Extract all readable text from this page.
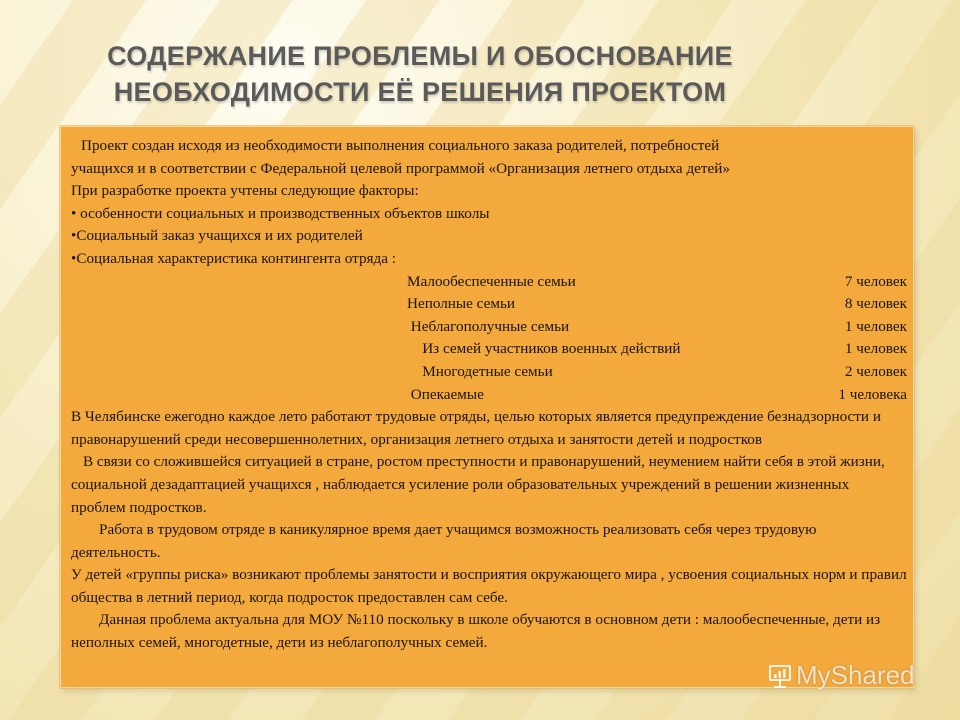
СОДЕРЖАНИЕ ПРОБЛЕМЫ И ОБОСНОВАНИЕ
НЕОБХОДИМОСТИ ЕЁ РЕШЕНИЯ ПРОЕКТОМ

Проект создан исходя из необходимости выполнения социального заказа родителей, потребностей

учащихся и в соответствии с Федеральной целевой программой «Организация летнего отдыха детей»

При разработке проекта учтены следующие факторы:

• особенности социальных и производственных объектов школы

•Социальный заказ учащихся и их родителей

•Социальная характеристика контингента отряда :

Малообеспеченные семьи	7 человек
Неполные семьи	8 человек
Неблагополучные семьи	1 человек
Из семей участников военных действий	1 человек
Многодетные семьи	2 человек
Опекаемые	1 человека

В Челябинске ежегодно каждое лето работают трудовые отряды, целью которых является предупреждение безнадзорности и правонарушений среди несовершеннолетних, организация летнего отдыха и занятости детей и подростков

В связи со сложившейся ситуацией в стране, ростом преступности и правонарушений, неумением найти себя в этой жизни, социальной дезадаптацией учащихся , наблюдается усиление роли образовательных учреждений в решении жизненных проблем подростков.

Работа в трудовом отряде в каникулярное время дает учащимся возможность реализовать себя через трудовую деятельность.

У детей «группы риска» возникают проблемы занятости и восприятия окружающего мира , усвоения социальных норм и правил общества в летний период, когда подросток предоставлен сам себе.

Данная проблема актуальна для МОУ №110 поскольку в школе обучаются в основном дети : малообеспеченные, дети из неполных семей, многодетные, дети из неблагополучных семей.

MyShared
